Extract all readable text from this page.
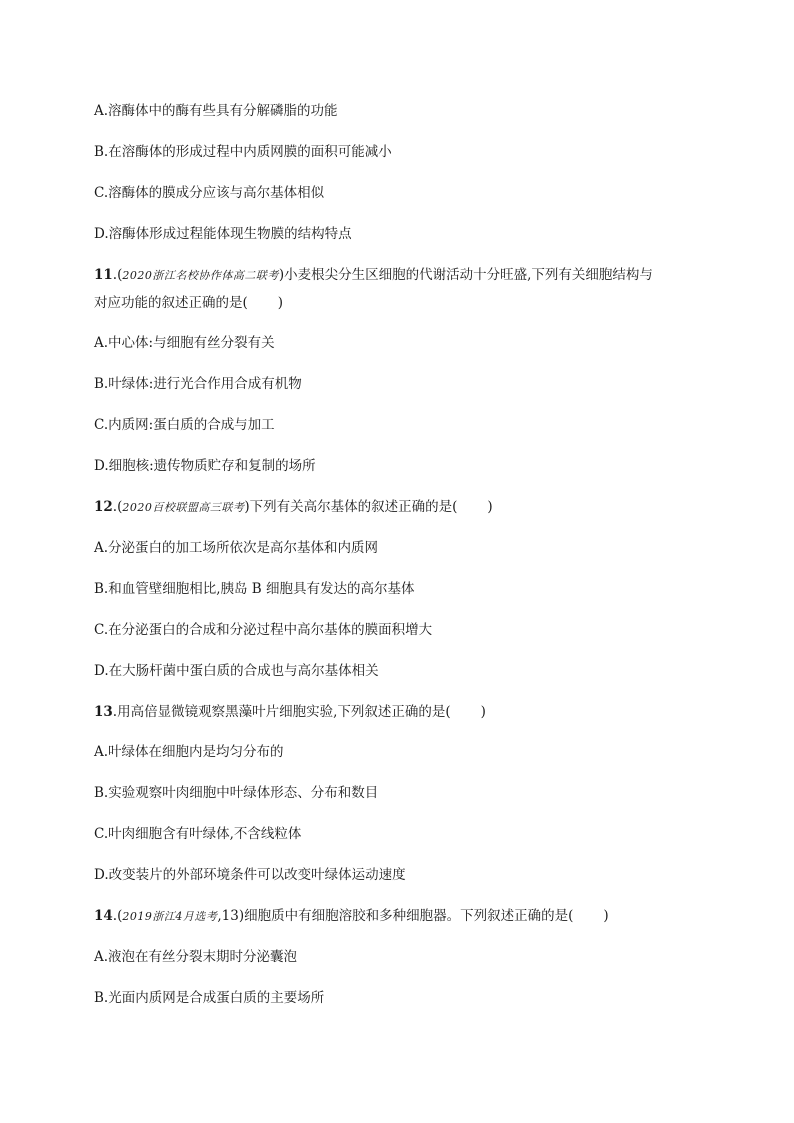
A.溶酶体中的酶有些具有分解磷脂的功能
B.在溶酶体的形成过程中内质网膜的面积可能减小
C.溶酶体的膜成分应该与高尔基体相似
D.溶酶体形成过程能体现生物膜的结构特点
11.(2020浙江名校协作体高二联考)小麦根尖分生区细胞的代谢活动十分旺盛,下列有关细胞结构与
对应功能的叙述正确的是( )
A.中心体:与细胞有丝分裂有关
B.叶绿体:进行光合作用合成有机物
C.内质网:蛋白质的合成与加工
D.细胞核:遗传物质贮存和复制的场所
12.(2020百校联盟高三联考)下列有关高尔基体的叙述正确的是( )
A.分泌蛋白的加工场所依次是高尔基体和内质网
B.和血管壁细胞相比,胰岛 B 细胞具有发达的高尔基体
C.在分泌蛋白的合成和分泌过程中高尔基体的膜面积增大
D.在大肠杆菌中蛋白质的合成也与高尔基体相关
13.用高倍显微镜观察黑藻叶片细胞实验,下列叙述正确的是( )
A.叶绿体在细胞内是均匀分布的
B.实验观察叶肉细胞中叶绿体形态、分布和数目
C.叶肉细胞含有叶绿体,不含线粒体
D.改变装片的外部环境条件可以改变叶绿体运动速度
14.(2019浙江4月选考,13)细胞质中有细胞溶胶和多种细胞器。下列叙述正确的是( )
A.液泡在有丝分裂末期时分泌囊泡
B.光面内质网是合成蛋白质的主要场所
